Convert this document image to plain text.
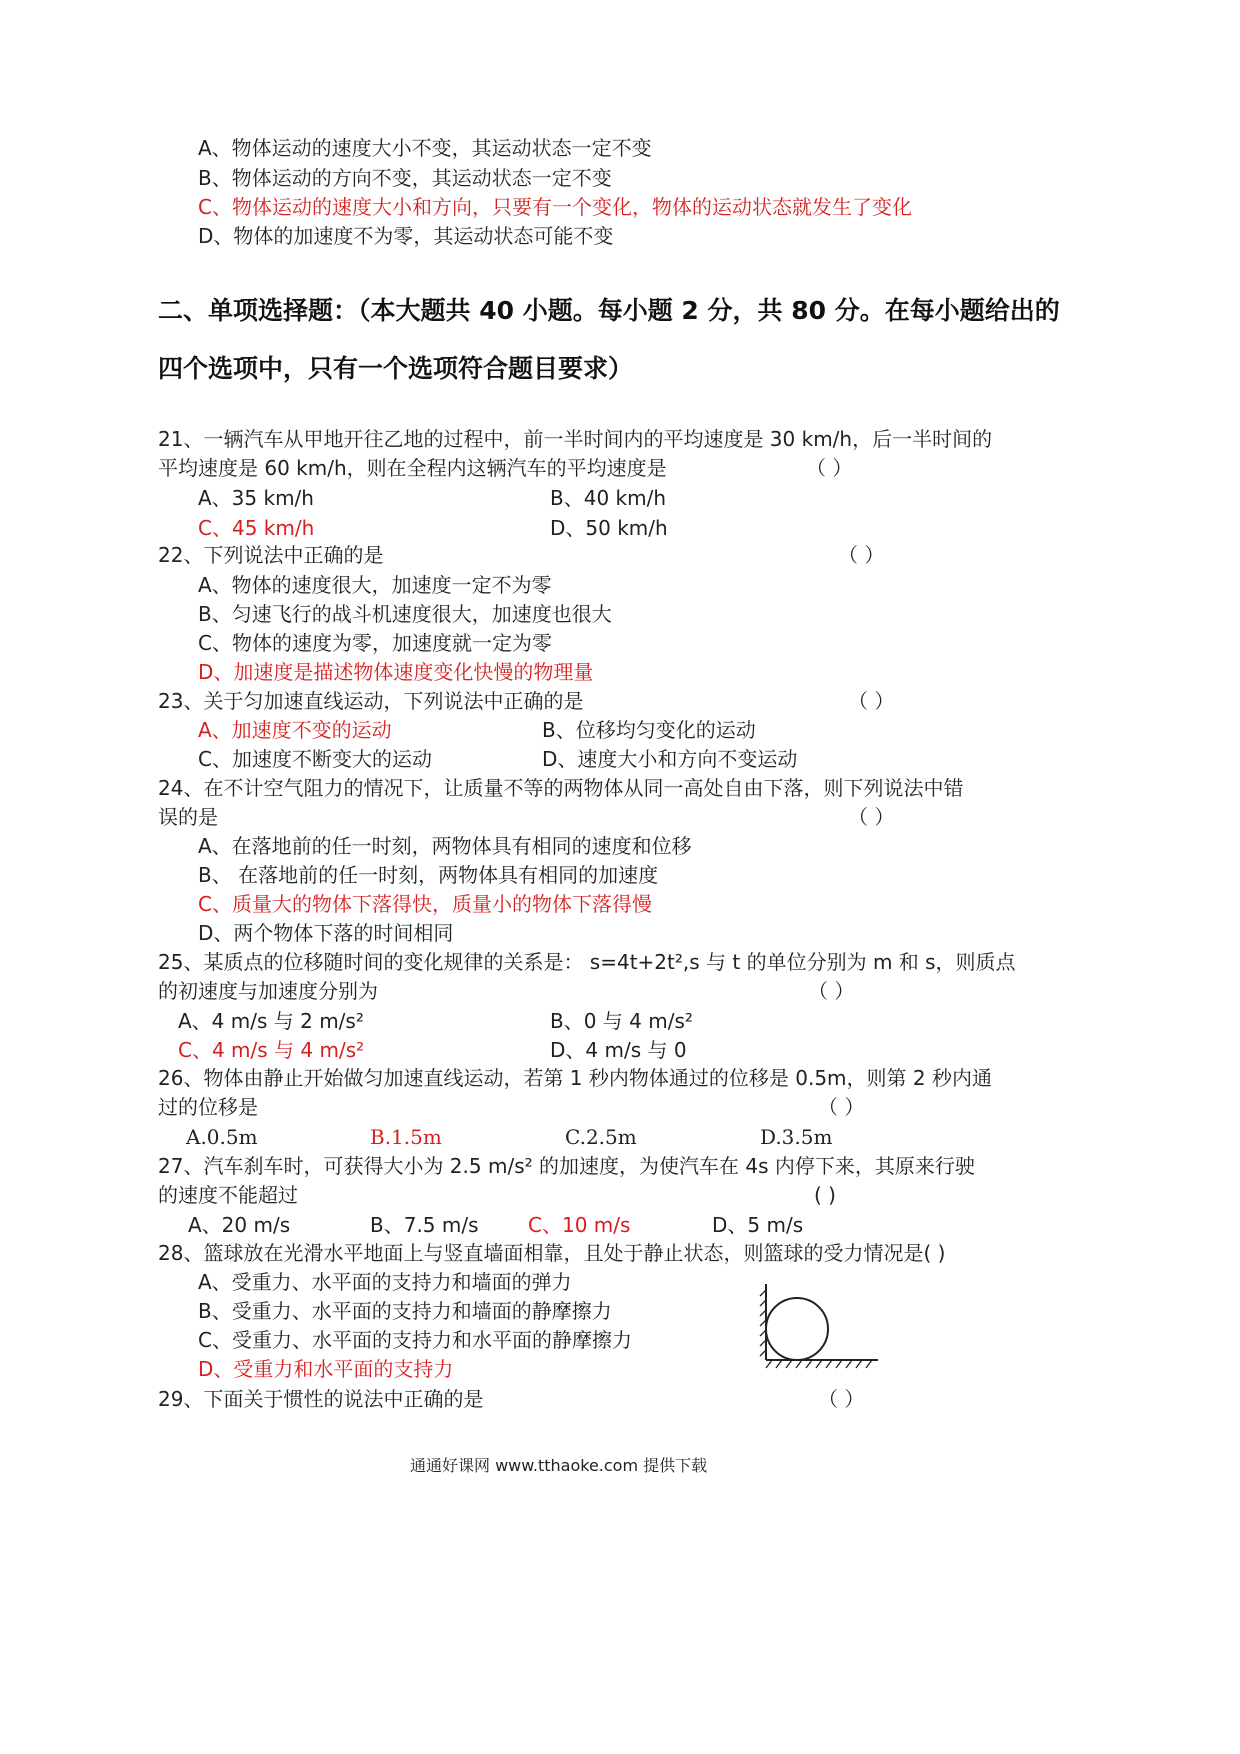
A、物体运动的速度大小不变，其运动状态一定不变
B、物体运动的方向不变，其运动状态一定不变
C、物体运动的速度大小和方向，只要有一个变化，物体的运动状态就发生了变化
D、物体的加速度不为零，其运动状态可能不变
二、单项选择题：（本大题共 40 小题。每小题 2 分，共 80 分。在每小题给出的
四个选项中，只有一个选项符合题目要求）
21、一辆汽车从甲地开往乙地的过程中，前一半时间内的平均速度是 30 km/h，后一半时间的
平均速度是 60 km/h，则在全程内这辆汽车的平均速度是	（ ）
A、35 km/h	B、40 km/h
C、45 km/h	D、50 km/h
22、下列说法中正确的是	（ ）
A、物体的速度很大，加速度一定不为零
B、匀速飞行的战斗机速度很大，加速度也很大
C、物体的速度为零，加速度就一定为零
D、加速度是描述物体速度变化快慢的物理量
23、关于匀加速直线运动，下列说法中正确的是	（ ）
A、加速度不变的运动	B、位移均匀变化的运动
C、加速度不断变大的运动	D、速度大小和方向不变运动
24、在不计空气阻力的情况下，让质量不等的两物体从同一高处自由下落，则下列说法中错
误的是	（ ）
A、在落地前的任一时刻，两物体具有相同的速度和位移
B、 在落地前的任一时刻，两物体具有相同的加速度
C、质量大的物体下落得快，质量小的物体下落得慢
D、两个物体下落的时间相同
25、某质点的位移随时间的变化规律的关系是： s=4t+2t²,s 与 t 的单位分别为 m 和 s，则质点
的初速度与加速度分别为	（ ）
A、4 m/s 与 2 m/s²	B、0 与 4 m/s²
C、4 m/s 与 4 m/s²	D、4 m/s 与 0
26、物体由静止开始做匀加速直线运动，若第 1 秒内物体通过的位移是 0.5m，则第 2 秒内通
过的位移是	（ ）
A.0.5m	B.1.5m	C.2.5m	D.3.5m
27、汽车刹车时，可获得大小为 2.5 m/s² 的加速度，为使汽车在 4s 内停下来，其原来行驶
的速度不能超过	( )
A、20 m/s	B、7.5 m/s C、10 m/s	D、5 m/s
28、篮球放在光滑水平地面上与竖直墙面相靠，且处于静止状态，则篮球的受力情况是( )
A、受重力、水平面的支持力和墙面的弹力
B、受重力、水平面的支持力和墙面的静摩擦力
C、受重力、水平面的支持力和水平面的静摩擦力
D、受重力和水平面的支持力
29、下面关于惯性的说法中正确的是	（ ）
通通好课网 www.tthaoke.com 提供下载
